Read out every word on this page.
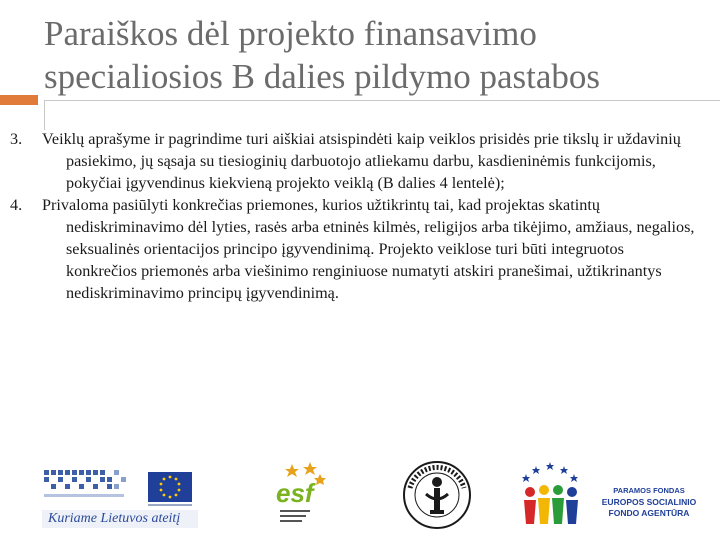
Paraiškos dėl projekto finansavimo specialiosios B dalies pildymo pastabos

3. Veiklų aprašyme ir pagrindime turi aiškiai atsispindėti kaip veiklos prisidės prie tikslų ir uždavinių pasiekimo, jų sąsaja su tiesioginių darbuotojo atliekamu darbu, kasdieninėmis funkcijomis, pokyčiai įgyvendinus kiekvieną projekto veiklą (B dalies 4 lentelė);

4. Privaloma pasiūlyti konkrečias priemones, kurios užtikrintų tai, kad projektas skatintų nediskriminavimo dėl lyties, rasės arba etninės kilmės, religijos arba tikėjimo, amžiaus, negalios, seksualinės orientacijos principo įgyvendinimą. Projekto veiklose turi būti integruotos konkrečios priemonės arba viešinimo renginiuose numatyti atskiri pranešimai, užtikrinantys nediskriminavimo principų įgyvendinimą.

Kuriame Lietuvos ateitį
esf	PARAMOS FONDAS
EUROPOS SOCIALINIO
FONDO AGENTŪRA
